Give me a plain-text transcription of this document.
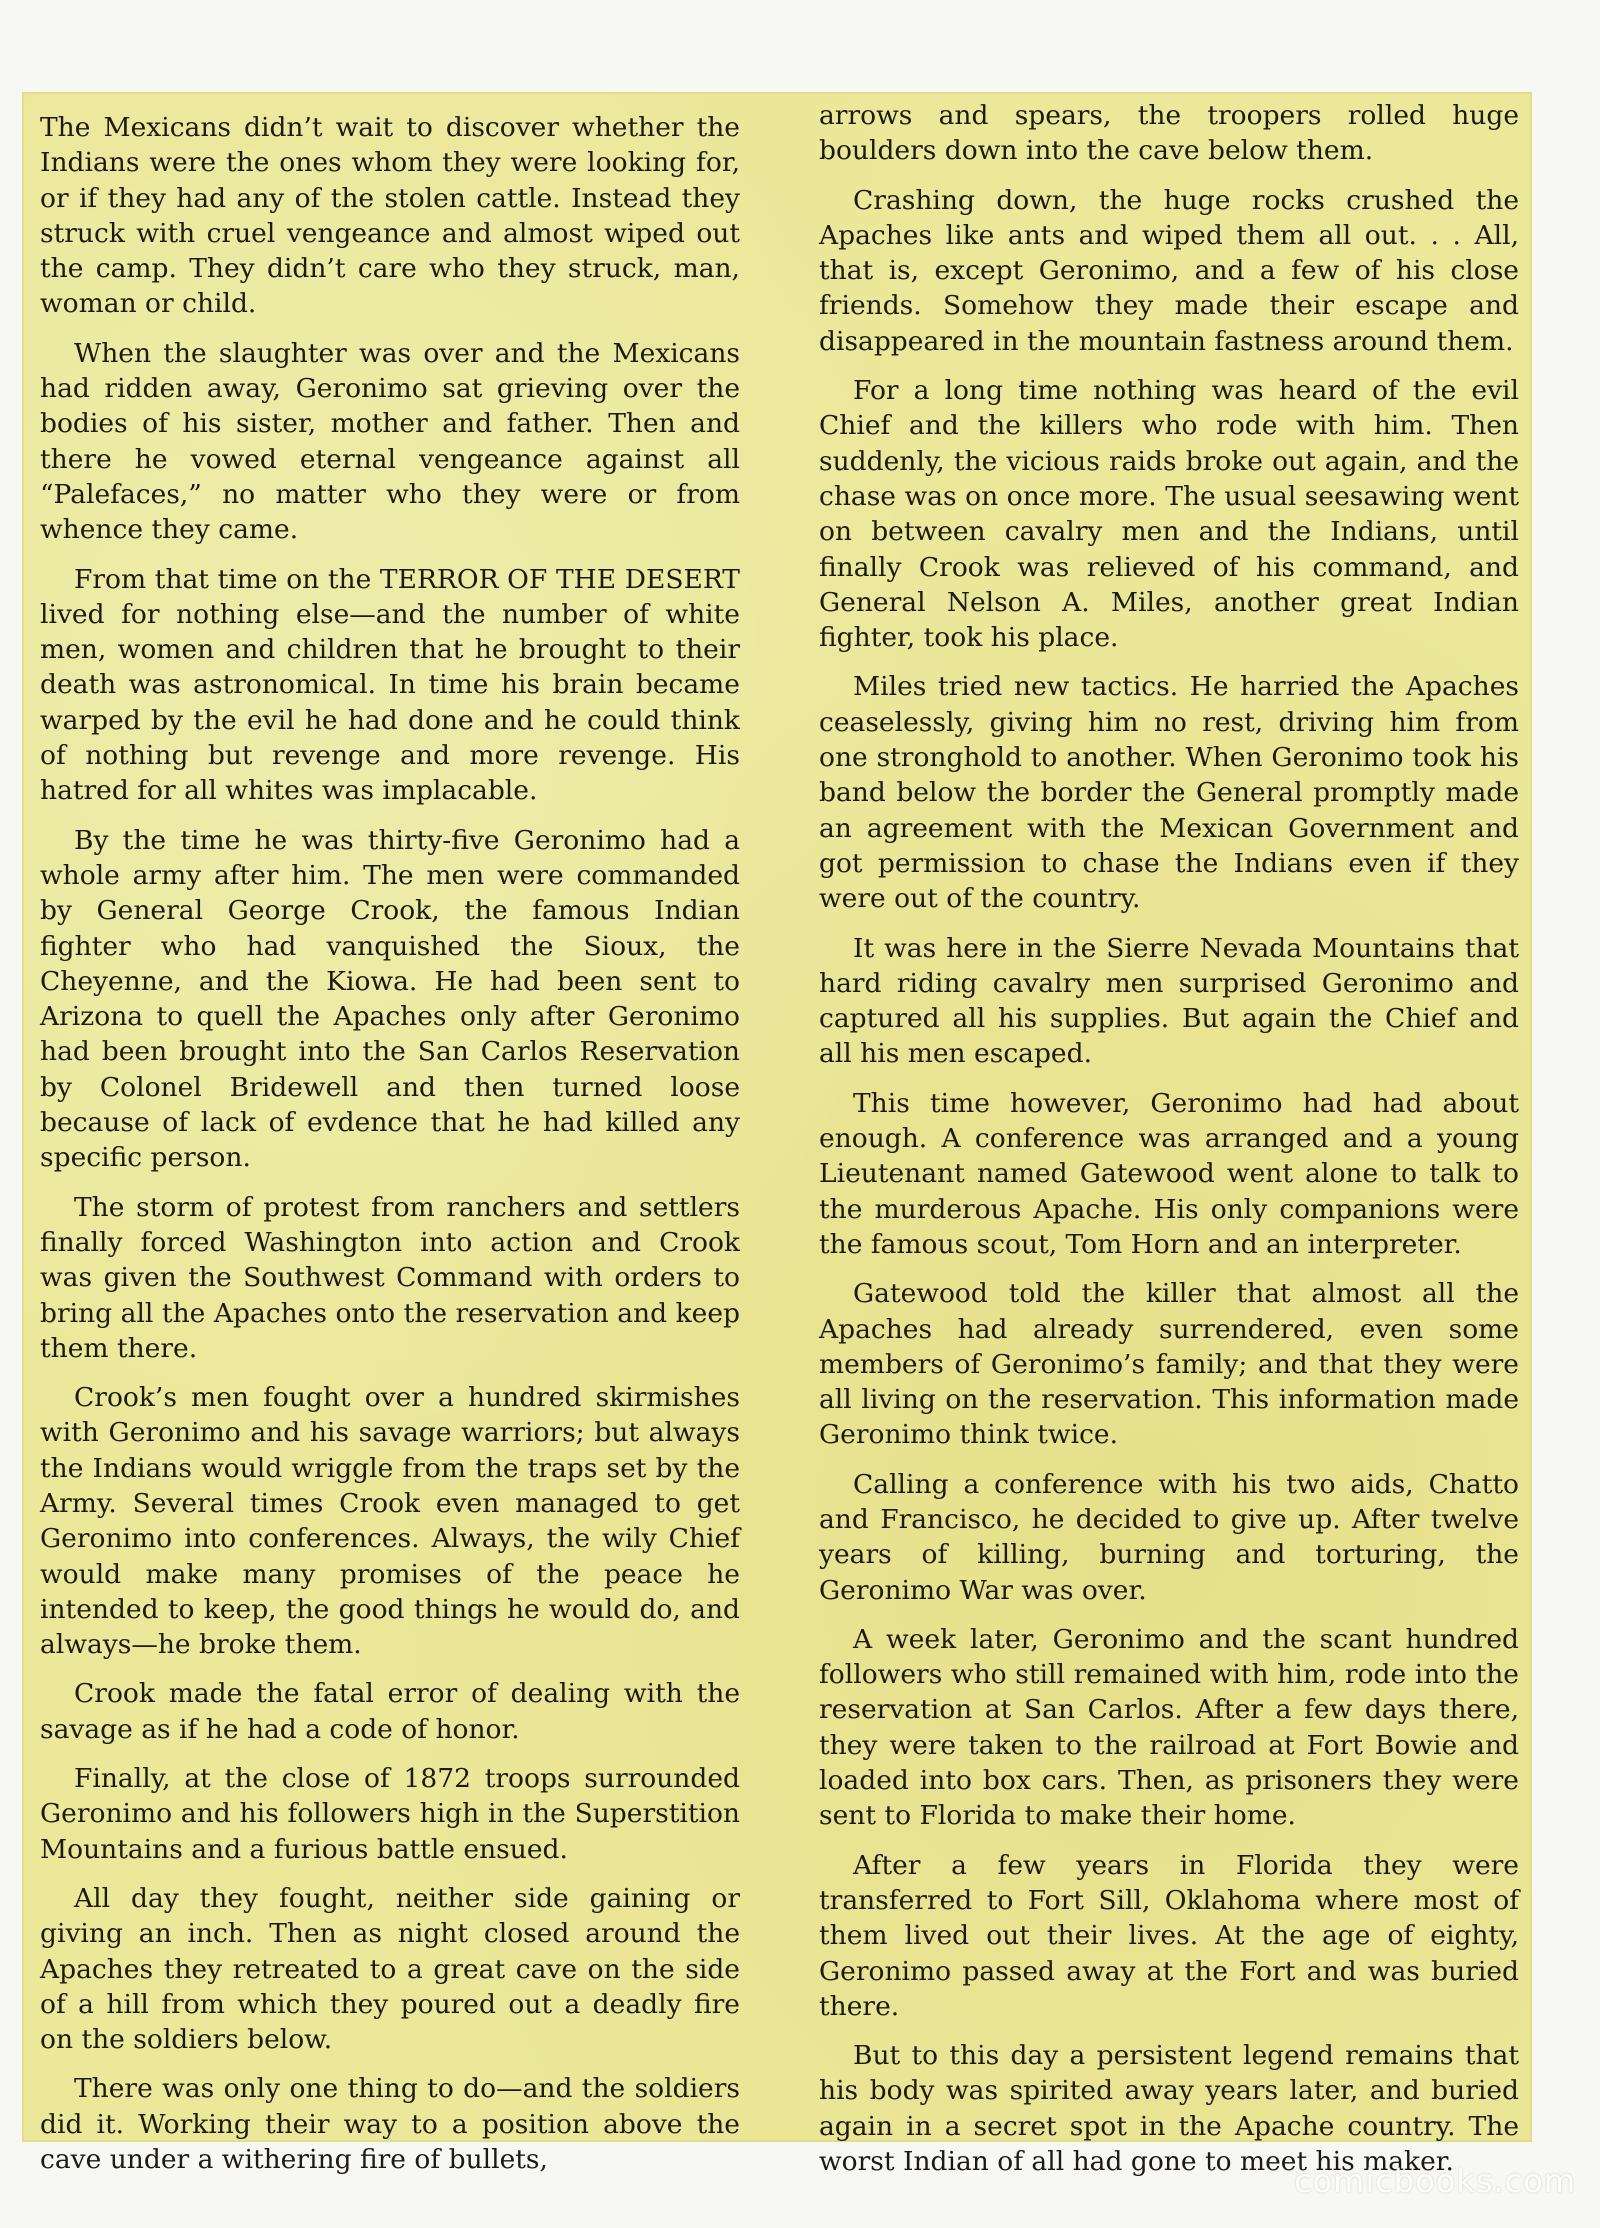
The Mexicans didn’t wait to discover whether the Indians were the ones whom they were looking for, or if they had any of the stolen cattle. Instead they struck with cruel vengeance and almost wiped out the camp. They didn’t care who they struck, man, woman or child.

When the slaughter was over and the Mexicans had ridden away, Geronimo sat grieving over the bodies of his sister, mother and father. Then and there he vowed eternal vengeance against all “Palefaces,” no matter who they were or from whence they came.

From that time on the TERROR OF THE DESERT lived for nothing else—and the number of white men, women and children that he brought to their death was astronomical. In time his brain became warped by the evil he had done and he could think of nothing but revenge and more revenge. His hatred for all whites was implacable.

By the time he was thirty-five Geronimo had a whole army after him. The men were commanded by General George Crook, the famous Indian fighter who had vanquished the Sioux, the Cheyenne, and the Kiowa. He had been sent to Arizona to quell the Apaches only after Geronimo had been brought into the San Carlos Reservation by Colonel Bridewell and then turned loose because of lack of evdence that he had killed any specific person.

The storm of protest from ranchers and settlers finally forced Washington into action and Crook was given the Southwest Command with orders to bring all the Apaches onto the reservation and keep them there.

Crook’s men fought over a hundred skirmishes with Geronimo and his savage warriors; but always the Indians would wriggle from the traps set by the Army. Several times Crook even managed to get Geronimo into conferences. Always, the wily Chief would make many promises of the peace he intended to keep, the good things he would do, and always—he broke them.

Crook made the fatal error of dealing with the savage as if he had a code of honor.

Finally, at the close of 1872 troops surrounded Geronimo and his followers high in the Superstition Mountains and a furious battle ensued.

All day they fought, neither side gaining or giving an inch. Then as night closed around the Apaches they retreated to a great cave on the side of a hill from which they poured out a deadly fire on the soldiers below.

There was only one thing to do—and the soldiers did it. Working their way to a position above the cave under a withering fire of bullets,

arrows and spears, the troopers rolled huge boulders down into the cave below them.

Crashing down, the huge rocks crushed the Apaches like ants and wiped them all out. . . All, that is, except Geronimo, and a few of his close friends. Somehow they made their escape and disappeared in the mountain fastness around them.

For a long time nothing was heard of the evil Chief and the killers who rode with him. Then suddenly, the vicious raids broke out again, and the chase was on once more. The usual seesawing went on between cavalry men and the Indians, until finally Crook was relieved of his command, and General Nelson A. Miles, another great Indian fighter, took his place.

Miles tried new tactics. He harried the Apaches ceaselessly, giving him no rest, driving him from one stronghold to another. When Geronimo took his band below the border the General promptly made an agreement with the Mexican Government and got permission to chase the Indians even if they were out of the country.

It was here in the Sierre Nevada Mountains that hard riding cavalry men surprised Geronimo and captured all his supplies. But again the Chief and all his men escaped.

This time however, Geronimo had had about enough. A conference was arranged and a young Lieutenant named Gatewood went alone to talk to the murderous Apache. His only companions were the famous scout, Tom Horn and an interpreter.

Gatewood told the killer that almost all the Apaches had already surrendered, even some members of Geronimo’s family; and that they were all living on the reservation. This information made Geronimo think twice.

Calling a conference with his two aids, Chatto and Francisco, he decided to give up. After twelve years of killing, burning and torturing, the Geronimo War was over.

A week later, Geronimo and the scant hundred followers who still remained with him, rode into the reservation at San Carlos. After a few days there, they were taken to the railroad at Fort Bowie and loaded into box cars. Then, as prisoners they were sent to Florida to make their home.

After a few years in Florida they were transferred to Fort Sill, Oklahoma where most of them lived out their lives. At the age of eighty, Geronimo passed away at the Fort and was buried there.

But to this day a persistent legend remains that his body was spirited away years later, and buried again in a secret spot in the Apache country. The worst Indian of all had gone to meet his maker.

comicbooks.com
